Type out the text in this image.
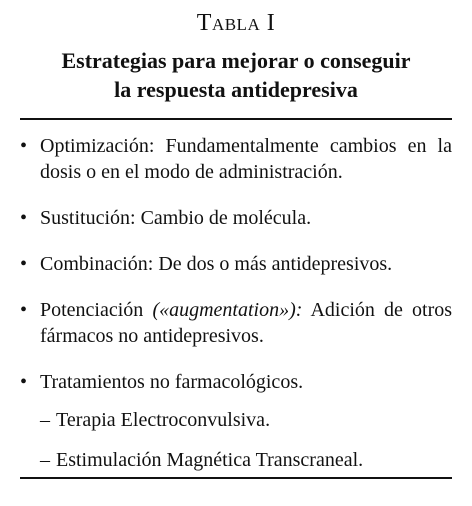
Tabla I
Estrategias para mejorar o conseguir
la respuesta antidepresiva
• Optimización: Fundamentalmente cambios en la dosis o en el modo de administración.
• Sustitución: Cambio de molécula.
• Combinación: De dos o más antidepresivos.
• Potenciación («augmentation»): Adición de otros fármacos no antidepresivos.
• Tratamientos no farmacológicos.
– Terapia Electroconvulsiva.
– Estimulación Magnética Transcraneal.
